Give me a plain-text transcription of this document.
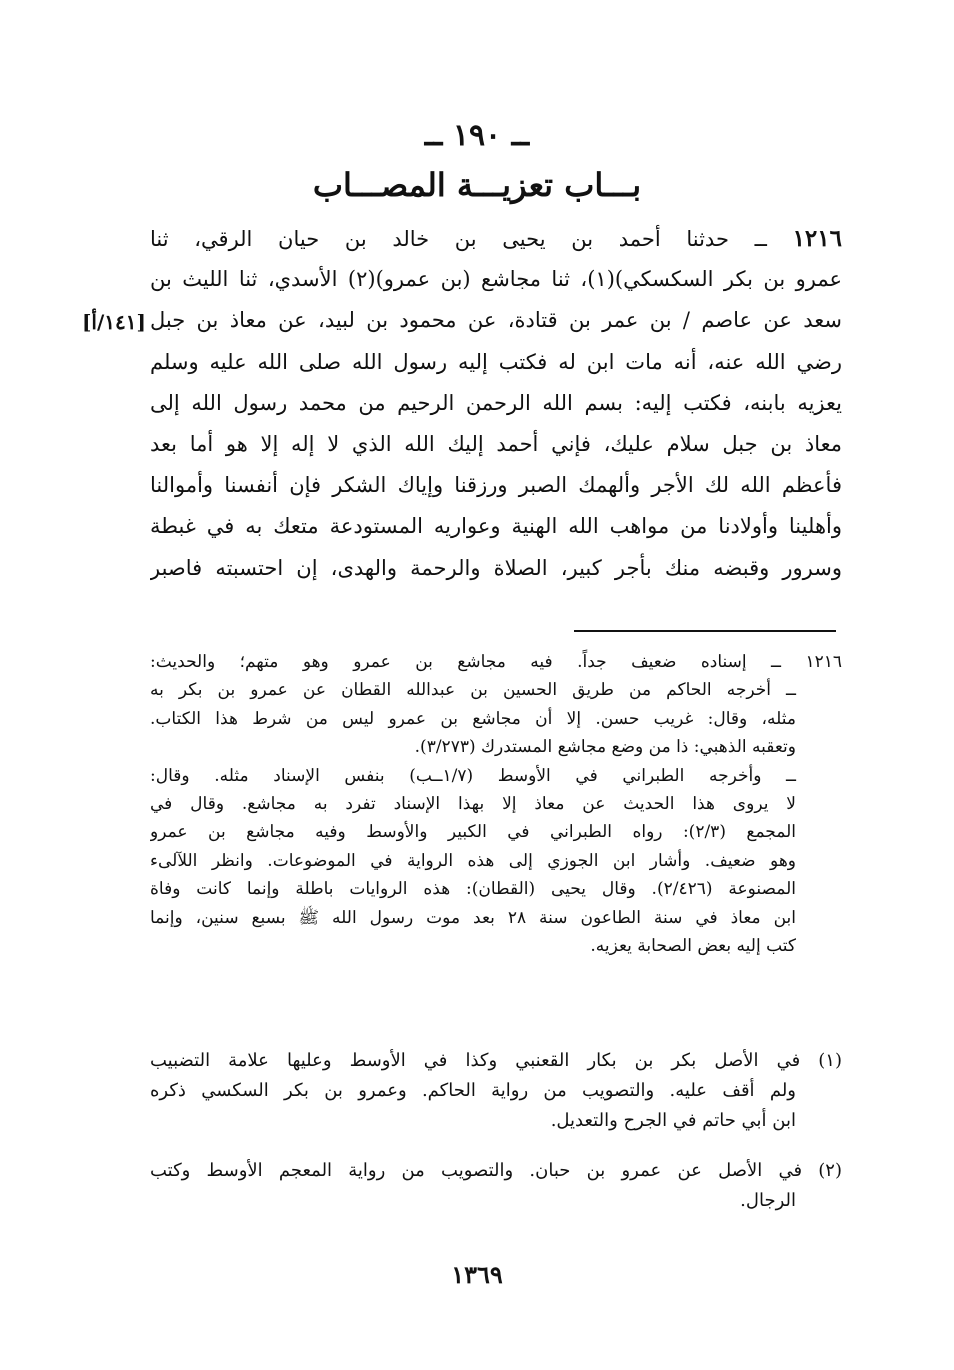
ــ ١٩٠ ــ
بـــاب تعزيـــة المصـــاب
[١٤١/أ]
١٢١٦ ــ حدثنا أحمد بن يحيى بن خالد بن حيان الرقي، ثنا
عمرو بن بكر السكسكي)(١)، ثنا مجاشع (بن عمرو)(٢) الأسدي، ثنا الليث بن
سعد عن عاصم / بن عمر بن قتادة، عن محمود بن لبيد، عن معاذ بن جبل
رضي الله عنه، أنه مات ابن له فكتب إليه رسول الله صلى الله عليه وسلم
يعزيه بابنه، فكتب إليه: بسم الله الرحمن الرحيم من محمد رسول الله إلى
معاذ بن جبل سلام عليك، فإني أحمد إليك الله الذي لا إله إلا هو أما بعد
فأعظم الله لك الأجر وألهمك الصبر ورزقنا وإياك الشكر فإن أنفسنا وأموالنا
وأهلينا وأولادنا من مواهب الله الهنية وعواريه المستودعة متعك به في غبطة
وسرور وقبضه منك بأجر كبير، الصلاة والرحمة والهدى، إن احتسبته فاصبر
١٢١٦ ــ إسناده ضعيف جداً. فيه مجاشع بن عمرو وهو متهم؛ والحديث:
ــ أخرجه الحاكم من طريق الحسين بن عبدالله القطان عن عمرو بن بكر به
مثله، وقال: غريب حسن. إلا أن مجاشع بن عمرو ليس من شرط هذا الكتاب.
وتعقبه الذهبي: ذا من وضع مجاشع المستدرك (٣/٢٧٣).
ــ وأخرجه الطبراني في الأوسط (١/٧ــب) بنفس الإسناد مثله. وقال:
لا يروى هذا الحديث عن معاذ إلا بهذا الإسناد تفرد به مجاشع. وقال في
المجمع (٢/٣): رواه الطبراني في الكبير والأوسط وفيه مجاشع بن عمرو
وهو ضعيف. وأشار ابن الجوزي إلى هذه الرواية في الموضوعات. وانظر اللآلىء
المصنوعة (٢/٤٢٦). وقال يحيى (القطان): هذه الروايات باطلة وإنما كانت وفاة
ابن معاذ في سنة الطاعون سنة ٢٨ بعد موت رسول الله ﷺ بسبع سنين، وإنما
كتب إليه بعض الصحابة يعزيه.
(١) في الأصل بكر بن بكار القعنبي وكذا في الأوسط وعليها علامة التضبيب
ولم أقف عليه. والتصويب من رواية الحاكم. وعمرو بن بكر السكسي ذكره
ابن أبي حاتم في الجرح والتعديل.
(٢) في الأصل عن عمرو بن حبان. والتصويب من رواية المعجم الأوسط وكتب
الرجال.
١٣٦٩
